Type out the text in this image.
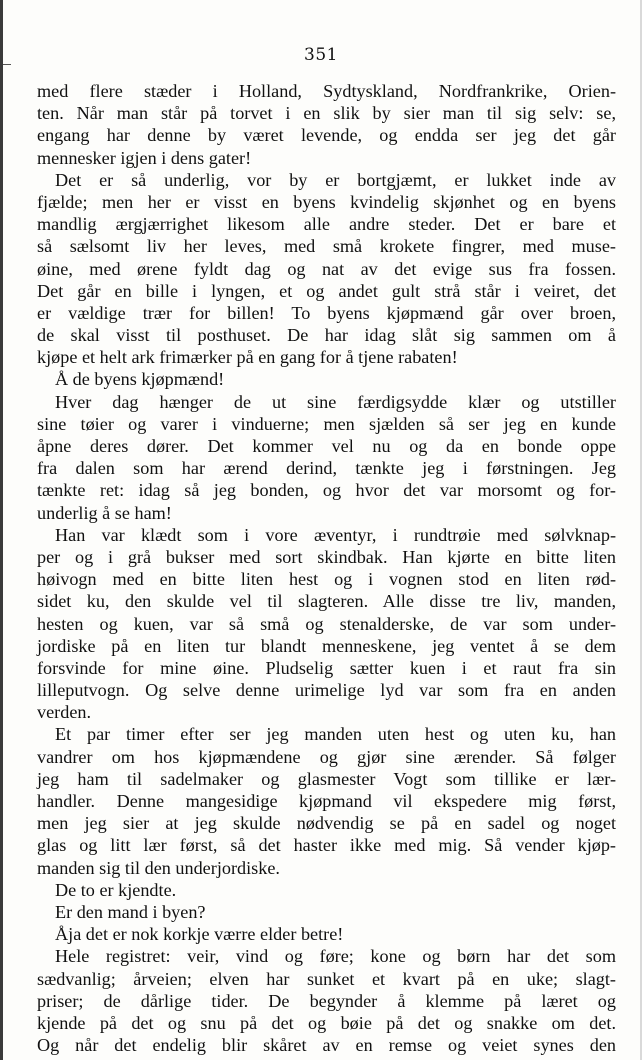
351
med flere stæder i Holland, Sydtyskland, Nordfrankrike, Orien-
ten. Når man står på torvet i en slik by sier man til sig selv: se,
engang har denne by været levende, og endda ser jeg det går
mennesker igjen i dens gater!
Det er så underlig, vor by er bortgjæmt, er lukket inde av
fjælde; men her er visst en byens kvindelig skjønhet og en byens
mandlig ærgjærrighet likesom alle andre steder. Det er bare et
så sælsomt liv her leves, med små krokete fingrer, med muse-
øine, med ørene fyldt dag og nat av det evige sus fra fossen.
Det går en bille i lyngen, et og andet gult strå står i veiret, det
er vældige trær for billen! To byens kjøpmænd går over broen,
de skal visst til posthuset. De har idag slåt sig sammen om å
kjøpe et helt ark frimærker på en gang for å tjene rabaten!
Å de byens kjøpmænd!
Hver dag hænger de ut sine færdigsydde klær og utstiller
sine tøier og varer i vinduerne; men sjælden så ser jeg en kunde
åpne deres dører. Det kommer vel nu og da en bonde oppe
fra dalen som har ærend derind, tænkte jeg i førstningen. Jeg
tænkte ret: idag så jeg bonden, og hvor det var morsomt og for-
underlig å se ham!
Han var klædt som i vore æventyr, i rundtrøie med sølvknap-
per og i grå bukser med sort skindbak. Han kjørte en bitte liten
høivogn med en bitte liten hest og i vognen stod en liten rød-
sidet ku, den skulde vel til slagteren. Alle disse tre liv, manden,
hesten og kuen, var så små og stenalderske, de var som under-
jordiske på en liten tur blandt menneskene, jeg ventet å se dem
forsvinde for mine øine. Pludselig sætter kuen i et raut fra sin
lilleputvogn. Og selve denne urimelige lyd var som fra en anden
verden.
Et par timer efter ser jeg manden uten hest og uten ku, han
vandrer om hos kjøpmændene og gjør sine ærender. Så følger
jeg ham til sadelmaker og glasmester Vogt som tillike er lær-
handler. Denne mangesidige kjøpmand vil ekspedere mig først,
men jeg sier at jeg skulde nødvendig se på en sadel og noget
glas og litt lær først, så det haster ikke med mig. Så vender kjøp-
manden sig til den underjordiske.
De to er kjendte.
Er den mand i byen?
Åja det er nok korkje værre elder betre!
Hele registret: veir, vind og føre; kone og børn har det som
sædvanlig; årveien; elven har sunket et kvart på en uke; slagt-
priser; de dårlige tider. De begynder å klemme på læret og
kjende på det og snu på det og bøie på det og snakke om det.
Og når det endelig blir skåret av en remse og veiet synes den
